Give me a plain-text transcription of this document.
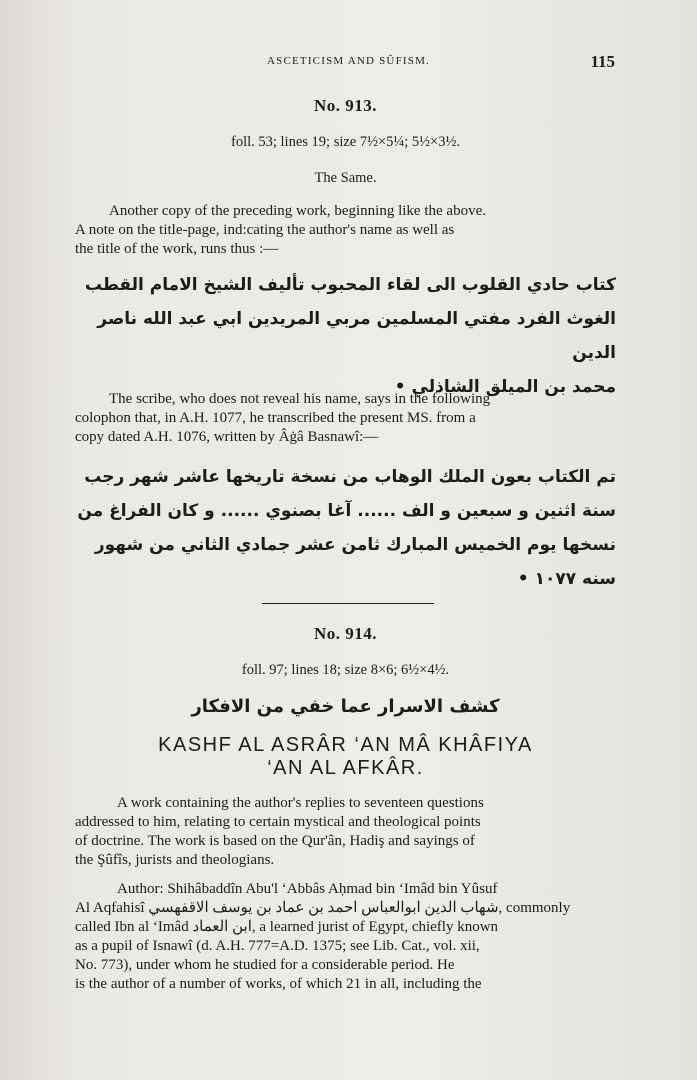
ASCETICISM AND SÛFISM.	115
No. 913.
foll. 53; lines 19; size 7½×5¼; 5½×3½.
The Same.
Another copy of the preceding work, beginning like the above.
A note on the title-page, ind:cating the author's name as well as
the title of the work, runs thus :—
كتاب حادي القلوب الى لقاء المحبوب تأليف الشيخ الامام القطب
الغوث الفرد مفتي المسلمين مربي المريدين ابي عبد الله ناصر الدين
محمد بن الميلق الشاذلي •
The scribe, who does not reveal his name, says in the following
colophon that, in A.H. 1077, he transcribed the present MS. from a
copy dated A.H. 1076, written by Âġâ Basnawî:—
تم الكتاب بعون الملك الوهاب من نسخة تاريخها عاشر شهر رجب
سنة اثنين و سبعين و الف ...... آغا بصنوي ...... و كان الفراغ من
نسخها يوم الخميس المبارك ثامن عشر جمادي الثاني من شهور
سنه ١٠٧٧ •
No. 914.
foll. 97; lines 18; size 8×6; 6½×4½.
كشف الاسرار عما خفي من الافكار
KASHF AL ASRÂR ‘AN MÂ KHÂFIYA
‘AN AL AFKÂR.
A work containing the author's replies to seventeen questions
addressed to him, relating to certain mystical and theological points
of doctrine. The work is based on the Qur'ân, Hadiş and sayings of
the Şûfîs, jurists and theologians.
Author: Shihâbaddîn Abu'l ‘Abbâs Aḥmad bin ‘Imâd bin Yûsuf
Al Aqfahisî شهاب الدين ابوالعباس احمد بن عماد بن يوسف الاقفهسي, commonly
called Ibn al ‘Imâd ابن العماد, a learned jurist of Egypt, chiefly known
as a pupil of Isnawî (d. A.H. 777=A.D. 1375; see Lib. Cat., vol. xii,
No. 773), under whom he studied for a considerable period. He
is the author of a number of works, of which 21 in all, including the
